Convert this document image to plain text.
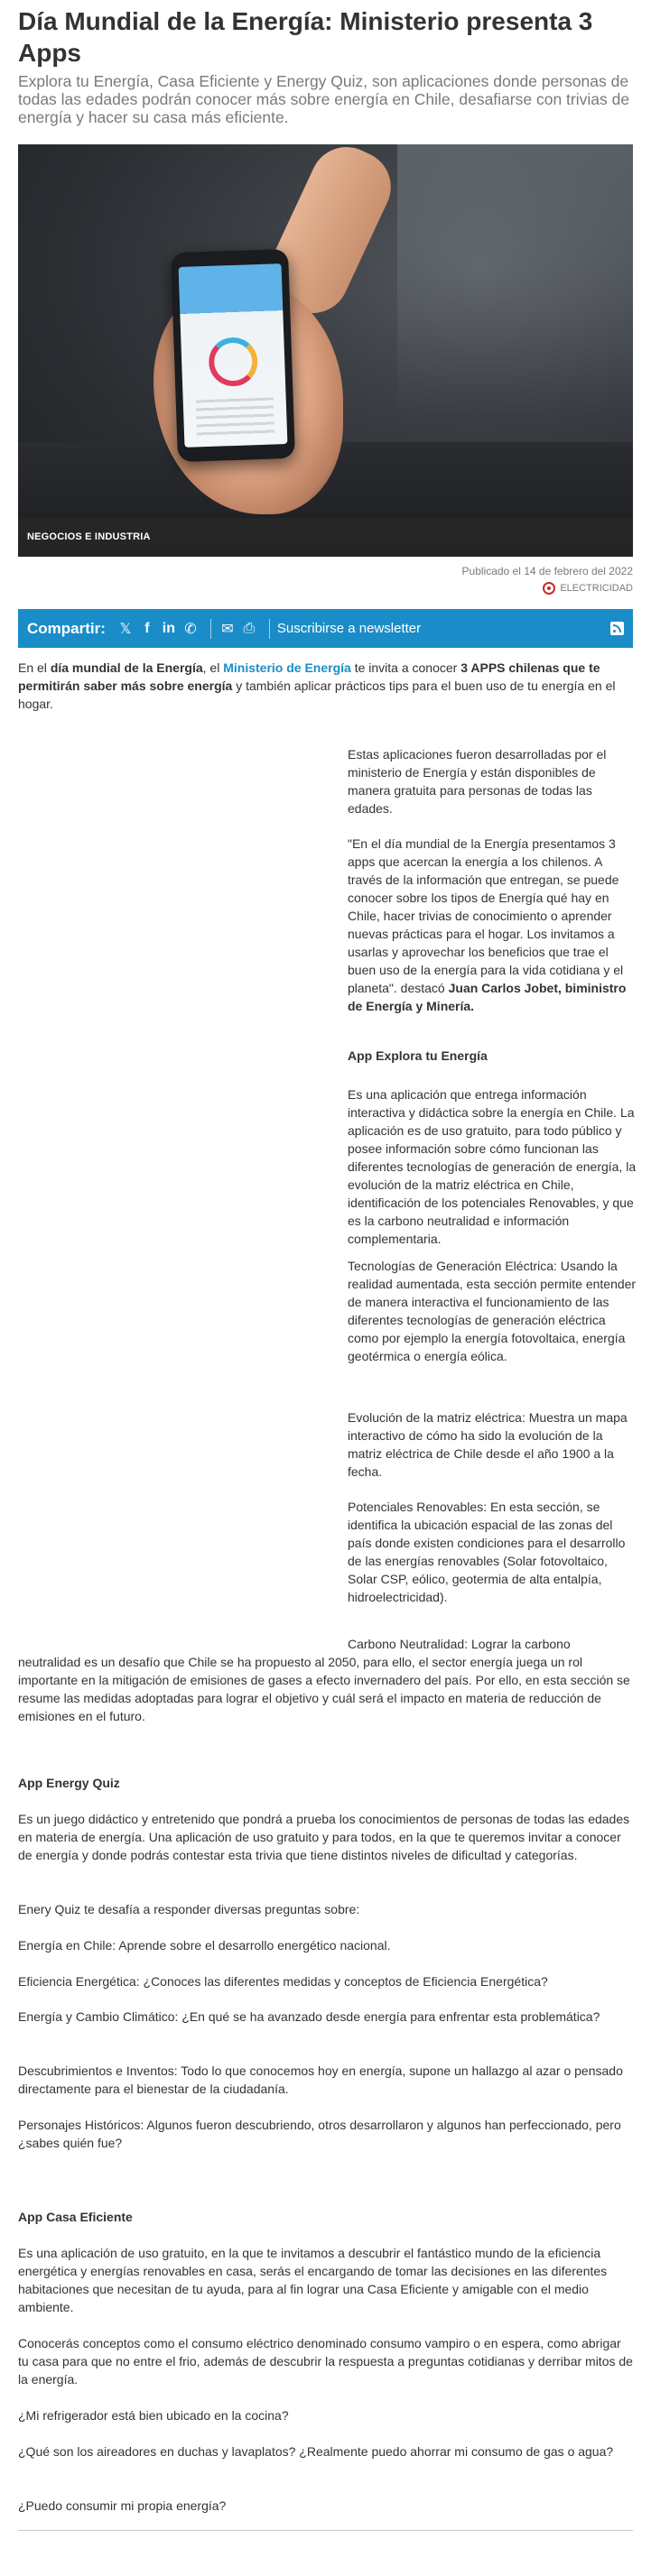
Día Mundial de la Energía: Ministerio presenta 3 Apps

Explora tu Energía, Casa Eficiente y Energy Quiz, son aplicaciones donde personas de todas las edades podrán conocer más sobre energía en Chile, desafiarse con trivias de energía y hacer su casa más eficiente.

NEGOCIOS E INDUSTRIA
Publicado el 14 de febrero del 2022
ELECTRICIDAD
Compartir: 𝕏 f in ✆ ✉ ⎙ Suscribirse a newsletter

En el día mundial de la Energía, el Ministerio de Energía te invita a conocer 3 APPS chilenas que te permitirán saber más sobre energía y también aplicar prácticos tips para el buen uso de tu energía en el hogar.

Estas aplicaciones fueron desarrolladas por el ministerio de Energía y están disponibles de manera gratuita para personas de todas las edades.

"En el día mundial de la Energía presentamos 3 apps que acercan la energía a los chilenos. A través de la información que entregan, se puede conocer sobre los tipos de Energía qué hay en Chile, hacer trivias de conocimiento o aprender nuevas prácticas para el hogar. Los invitamos a usarlas y aprovechar los beneficios que trae el buen uso de la energía para la vida cotidiana y el planeta". destacó Juan Carlos Jobet, biministro de Energía y Minería.

App Explora tu Energía

Es una aplicación que entrega información interactiva y didáctica sobre la energía en Chile. La aplicación es de uso gratuito, para todo público y posee información sobre cómo funcionan las diferentes tecnologías de generación de energía, la evolución de la matriz eléctrica en Chile, identificación de los potenciales Renovables, y que es la carbono neutralidad e información complementaria.

Tecnologías de Generación Eléctrica: Usando la realidad aumentada, esta sección permite entender de manera interactiva el funcionamiento de las diferentes tecnologías de generación eléctrica como por ejemplo la energía fotovoltaica, energía geotérmica o energía eólica.

Evolución de la matriz eléctrica: Muestra un mapa interactivo de cómo ha sido la evolución de la matriz eléctrica de Chile desde el año 1900 a la fecha.

Potenciales Renovables: En esta sección, se identifica la ubicación espacial de las zonas del país donde existen condiciones para el desarrollo de las energías renovables (Solar fotovoltaico, Solar CSP, eólico, geotermia de alta entalpía, hidroelectricidad).

Carbono Neutralidad: Lograr la carbono

neutralidad es un desafío que Chile se ha propuesto al 2050, para ello, el sector energía juega un rol importante en la mitigación de emisiones de gases a efecto invernadero del país. Por ello, en esta sección se resume las medidas adoptadas para lograr el objetivo y cuál será el impacto en materia de reducción de emisiones en el futuro.

App Energy Quiz

Es un juego didáctico y entretenido que pondrá a prueba los conocimientos de personas de todas las edades en materia de energía. Una aplicación de uso gratuito y para todos, en la que te queremos invitar a conocer de energía y donde podrás contestar esta trivia que tiene distintos niveles de dificultad y categorías.

Enery Quiz te desafía a responder diversas preguntas sobre:

Energía en Chile: Aprende sobre el desarrollo energético nacional.

Eficiencia Energética: ¿Conoces las diferentes medidas y conceptos de Eficiencia Energética?

Energía y Cambio Climático: ¿En qué se ha avanzado desde energía para enfrentar esta problemática?

Descubrimientos e Inventos: Todo lo que conocemos hoy en energía, supone un hallazgo al azar o pensado directamente para el bienestar de la ciudadanía.

Personajes Históricos: Algunos fueron descubriendo, otros desarrollaron y algunos han perfeccionado, pero ¿sabes quién fue?

App Casa Eficiente

Es una aplicación de uso gratuito, en la que te invitamos a descubrir el fantástico mundo de la eficiencia energética y energías renovables en casa, serás el encargando de tomar las decisiones en las diferentes habitaciones que necesitan de tu ayuda, para al fin lograr una Casa Eficiente y amigable con el medio ambiente.

Conocerás conceptos como el consumo eléctrico denominado consumo vampiro o en espera, como abrigar tu casa para que no entre el frio, además de descubrir la respuesta a preguntas cotidianas y derribar mitos de la energía.

¿Mi refrigerador está bien ubicado en la cocina?

¿Qué son los aireadores en duchas y lavaplatos? ¿Realmente puedo ahorrar mi consumo de gas o agua?

¿Puedo consumir mi propia energía?
